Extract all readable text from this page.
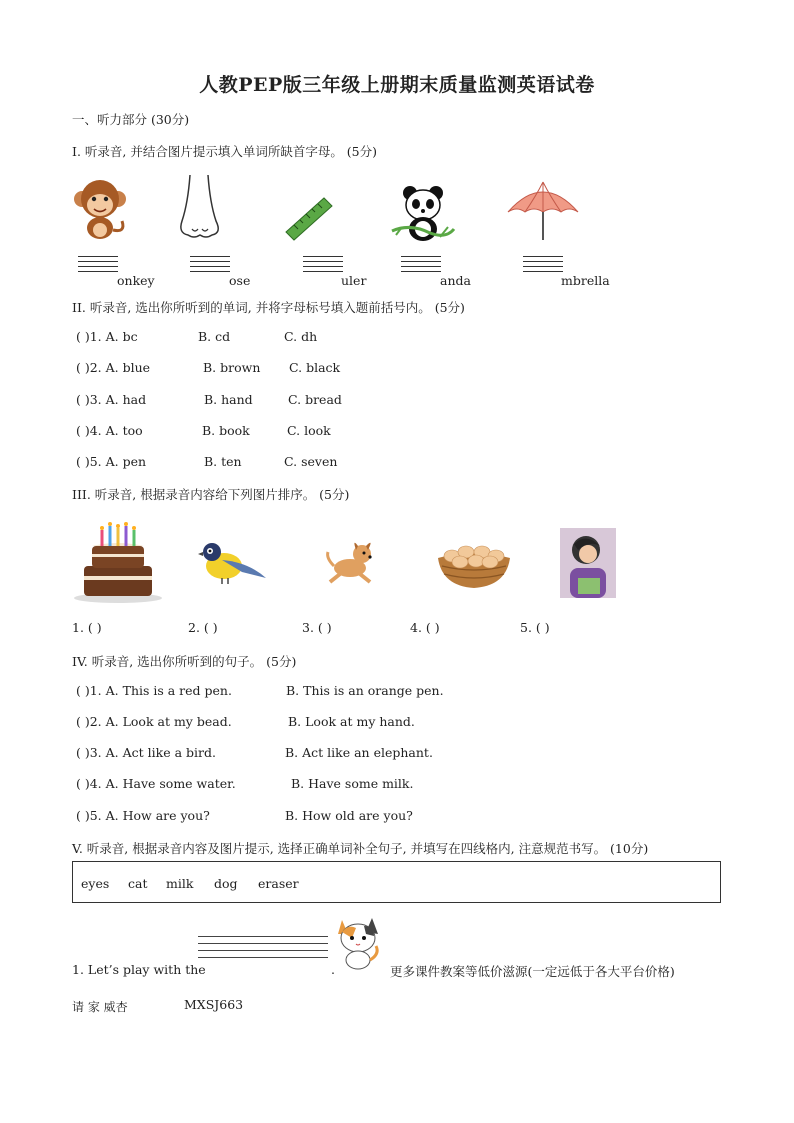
人教PEP版三年级上册期末质量监测英语试卷
一、听力部分 (30分)
I. 听录音, 并结合图片提示填入单词所缺首字母。 (5分)
onkey	ose	uler	anda	mbrella
II. 听录音, 选出你所听到的单词, 并将字母标号填入题前括号内。 (5分)
( )1. A. bc	B. cd	C. dh
( )2. A. blue	B. brown C. black
( )3. A. had	B. hand	C. bread
( )4. A. too	B. book	C. look
( )5. A. pen	B. ten	C. seven
III. 听录音, 根据录音内容给下列图片排序。 (5分)
1. ( )	2. ( )	3. ( )	4. ( )	5. ( )
IV. 听录音, 选出你所听到的句子。 (5分)
( )1. A. This is a red pen.	B. This is an orange pen.
( )2. A. Look at my bead.	B. Look at my hand.
( )3. A. Act like a bird.	B. Act like an elephant.
( )4. A. Have some water.	B. Have some milk.
( )5. A. How are you?	B. How old are you?
V. 听录音, 根据录音内容及图片提示, 选择正确单词补全句子, 并填写在四线格内, 注意规范书写。 (10分)
eyes cat milk dog eraser
1. Let’s play with the	.	更多课件教案等低价滋源(一定远低于各大平台价格)
请 家 威杏	MXSJ663
